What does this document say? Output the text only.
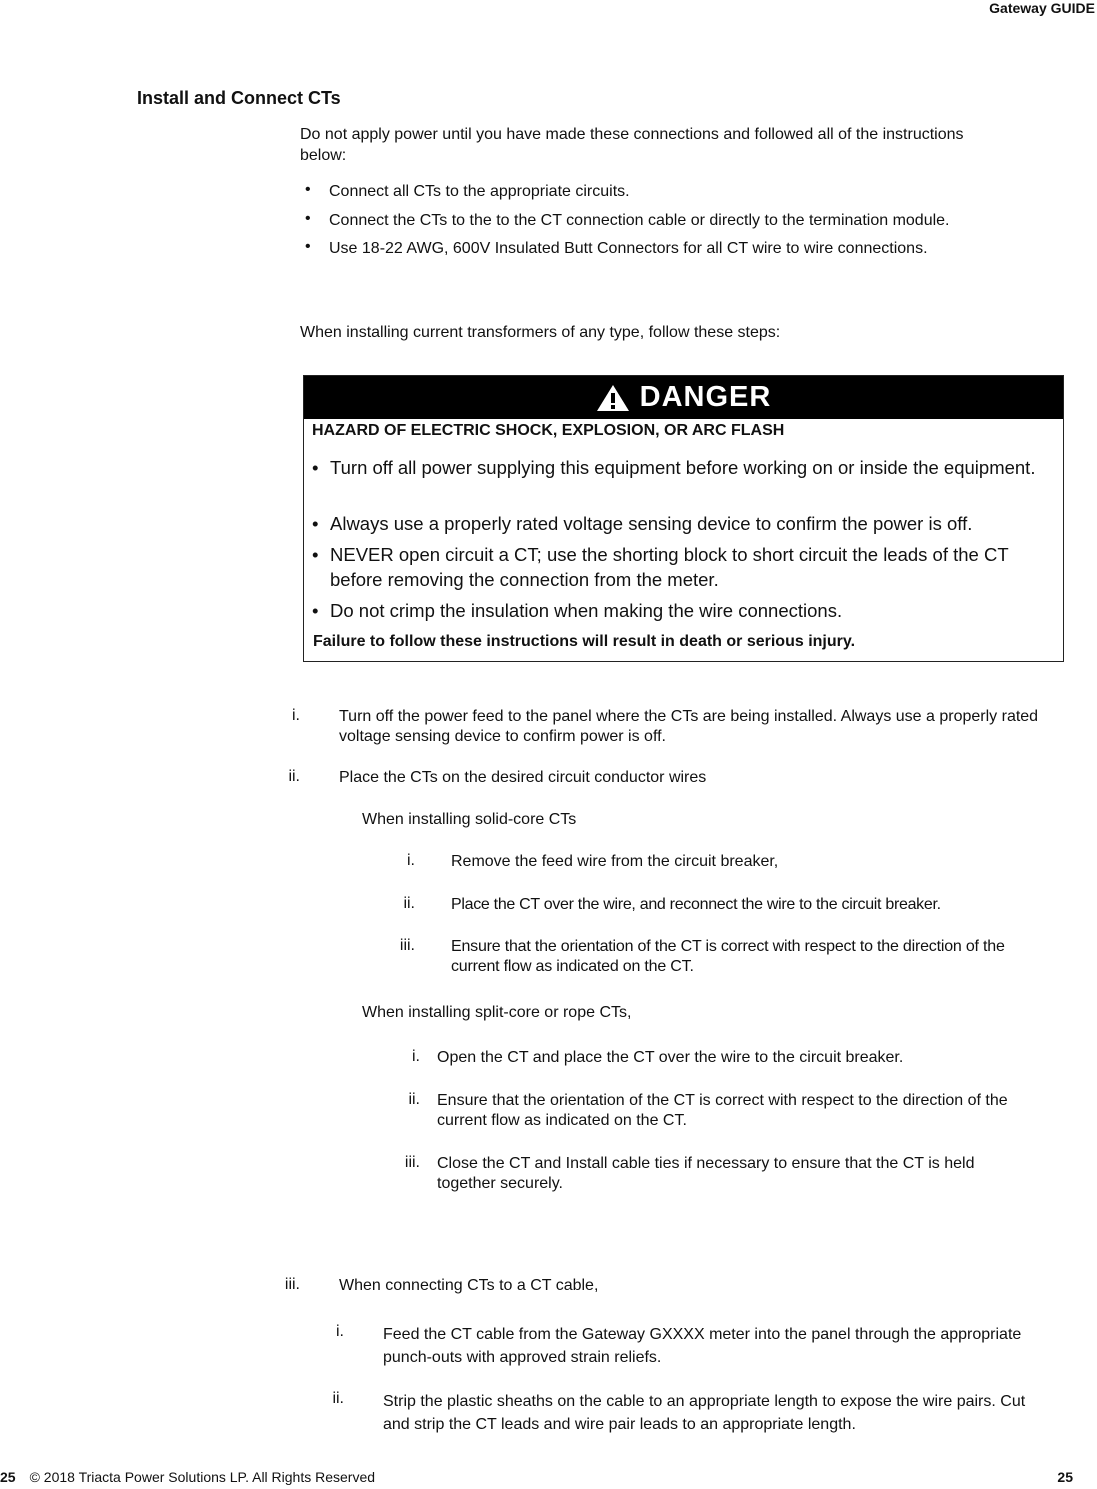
Gateway GUIDE
Install and Connect CTs
Do not apply power until you have made these connections and followed all of the instructions below:
• Connect all CTs to the appropriate circuits.
• Connect the CTs to the to the CT connection cable or directly to the termination module.
• Use 18-22 AWG, 600V Insulated Butt Connectors for all CT wire to wire connections.
When installing current transformers of any type, follow these steps:
DANGER
HAZARD OF ELECTRIC SHOCK, EXPLOSION, OR ARC FLASH
• Turn off all power supplying this equipment before working on or inside the equipment.
• Always use a properly rated voltage sensing device to confirm the power is off.
• NEVER open circuit a CT; use the shorting block to short circuit the leads of the CT before removing the connection from the meter.
• Do not crimp the insulation when making the wire connections.
Failure to follow these instructions will result in death or serious injury.
i. Turn off the power feed to the panel where the CTs are being installed. Always use a properly rated voltage sensing device to confirm power is off.
ii. Place the CTs on the desired circuit conductor wires
When installing solid-core CTs
i. Remove the feed wire from the circuit breaker,
ii. Place the CT over the wire, and reconnect the wire to the circuit breaker.
iii. Ensure that the orientation of the CT is correct with respect to the direction of the current flow as indicated on the CT.
When installing split-core or rope CTs,
i. Open the CT and place the CT over the wire to the circuit breaker.
ii. Ensure that the orientation of the CT is correct with respect to the direction of the current flow as indicated on the CT.
iii. Close the CT and Install cable ties if necessary to ensure that the CT is held together securely.
iii. When connecting CTs to a CT cable,
i. Feed the CT cable from the Gateway GXXXX meter into the panel through the appropriate punch-outs with approved strain reliefs.
ii. Strip the plastic sheaths on the cable to an appropriate length to expose the wire pairs. Cut and strip the CT leads and wire pair leads to an appropriate length.
25 © 2018 Triacta Power Solutions LP. All Rights Reserved	25
